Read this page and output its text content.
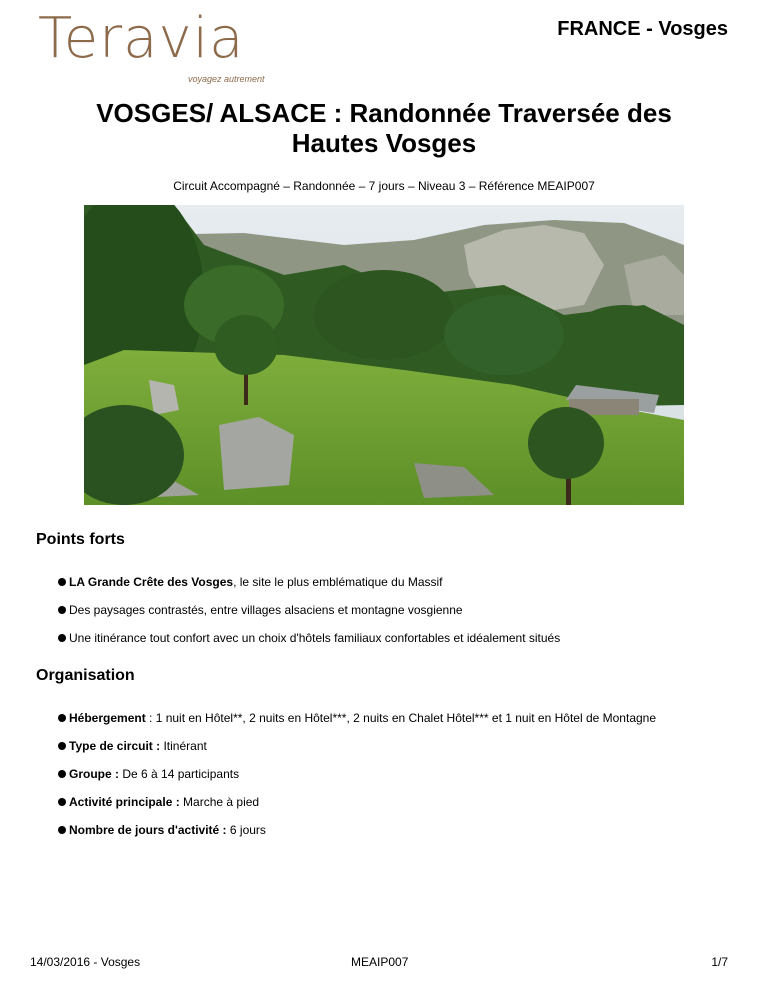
Teravia
voyagez autrement
FRANCE - Vosges
VOSGES/ ALSACE : Randonnée Traversée des Hautes Vosges
Circuit Accompagné – Randonnée – 7 jours – Niveau 3 – Référence MEAIP007
Points forts
LA Grande Crête des Vosges, le site le plus emblématique du Massif
Des paysages contrastés, entre villages alsaciens et montagne vosgienne
Une itinérance tout confort avec un choix d'hôtels familiaux confortables et idéalement situés
Organisation
Hébergement : 1 nuit en Hôtel**, 2 nuits en Hôtel***, 2 nuits en Chalet Hôtel*** et 1 nuit en Hôtel de Montagne
Type de circuit : Itinérant
Groupe : De 6 à 14 participants
Activité principale : Marche à pied
Nombre de jours d'activité : 6 jours
14/03/2016 - Vosges	MEAIP007	1/7
